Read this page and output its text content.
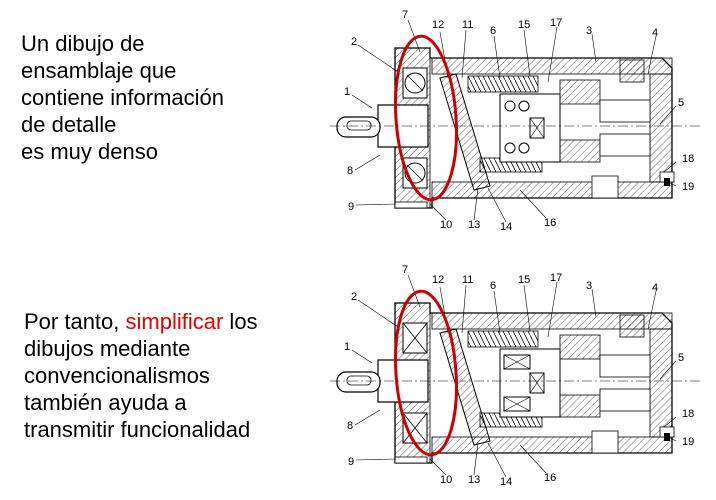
Un dibujo de

ensamblaje que

contiene información

de detalle

es muy denso

Por tanto, simplificar los

dibujos mediante

convencionalismos

también ayuda a

transmitir funcionalidad

1
2
3	4
5
6
7
8
9
10
11
12
13 14
15
16
17
18
19
1
2
3	4
5
6
7
8
9
10
11
12
13 14
15
16
17
18
19
